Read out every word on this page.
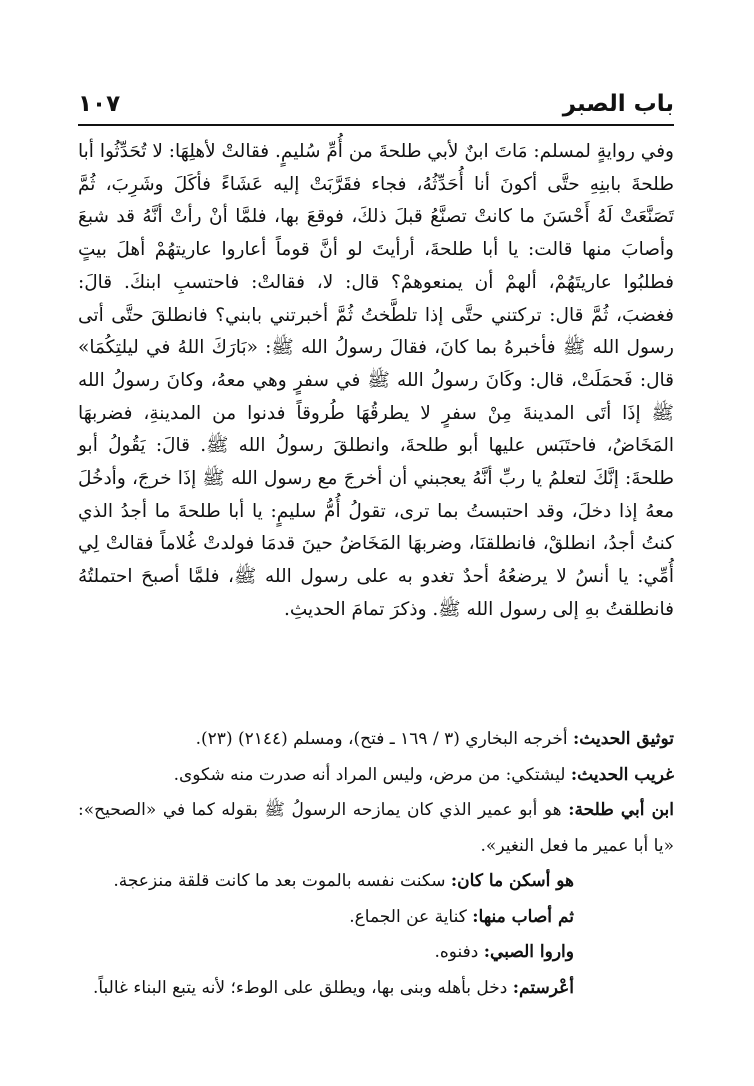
باب الصبر
١٠٧

وفي روايةٍ لمسلم: مَاتَ ابنٌ لأبي طلحةَ من أُمِّ سُليمٍ. فقالتْ لأهلِهَا: لا تُحَدِّثُوا أبا طلحةَ بابنِهِ حتَّى أكونَ أنا أُحَدِّثُهُ، فجاء فقَرَّبَتْ إليه عَشَاءً فأكَلَ وشَرِبَ، ثُمَّ تَصَنَّعَتْ لَهُ أَحْسَنَ ما كانتْ تصنَّعُ قبلَ ذلكَ، فوقعَ بها، فلمَّا أنْ رأتْ أنَّهُ قد شبعَ وأصابَ منها قالت: يا أبا طلحةَ، أرأيتَ لو أنَّ قوماً أعاروا عاريتهُمْ أهلَ بيتٍ فطلبُوا عاريتَهُمْ، ألهمْ أن يمنعوهمْ؟ قال: لا، فقالتْ: فاحتسبِ ابنكَ. قالَ: فغضبَ، ثُمَّ قال: تركتني حتَّى إذا تلطَّختُ ثُمَّ أخبرتني بابني؟ فانطلقَ حتَّى أتى رسول الله ﷺ فأخبرهُ بما كانَ، فقالَ رسولُ الله ﷺ: «بَارَكَ اللهُ في ليلتِكُمَا» قال: فَحمَلَتْ، قال: وكَانَ رسولُ الله ﷺ في سفرٍ وهي معهُ، وكانَ رسولُ الله ﷺ إذَا أتَى المدينةَ مِنْ سفرٍ لا يطرقُهَا طُروقاً فدنوا من المدينةِ، فضربهَا المَخَاضُ، فاحتَبَس عليها أبو طلحةَ، وانطلقَ رسولُ الله ﷺ. قالَ: يَقُولُ أبو طلحةَ: إنَّكَ لتعلمُ يا ربِّ أنَّهُ يعجبني أن أخرجَ مع رسول الله ﷺ إذَا خرجَ، وأدخُلَ معهُ إذا دخلَ، وقد احتبستُ بما ترى، تقولُ أُمُّ سليمٍ: يا أبا طلحةَ ما أجدُ الذي كنتُ أجدُ، انطلقْ، فانطلقنَا، وضربهَا المَخَاضُ حينَ قدمَا فولدتْ غُلاماً فقالتْ لِي أُمِّي: يا أنسُ لا يرضعُهُ أحدٌ تغدو به على رسول الله ﷺ، فلمَّا أصبحَ احتملتُهُ فانطلقتُ بهِ إلى رسول الله ﷺ. وذكرَ تمامَ الحديثِ.

توثيق الحديث: أخرجه البخاري (٣ / ١٦٩ ـ فتح)، ومسلم (٢١٤٤) (٢٣).

غريب الحديث: ليشتكي: من مرض، وليس المراد أنه صدرت منه شكوى.

ابن أبي طلحة: هو أبو عمير الذي كان يمازحه الرسولُ ﷺ بقوله كما في «الصحيح»: «يا أبا عمير ما فعل النغير».

هو أسكن ما كان: سكنت نفسه بالموت بعد ما كانت قلقة منزعجة.

ثم أصاب منها: كناية عن الجماع.

واروا الصبي: دفنوه.

أعْرستم: دخل بأهله وبنى بها، ويطلق على الوطء؛ لأنه يتبع البناء غالباً.
